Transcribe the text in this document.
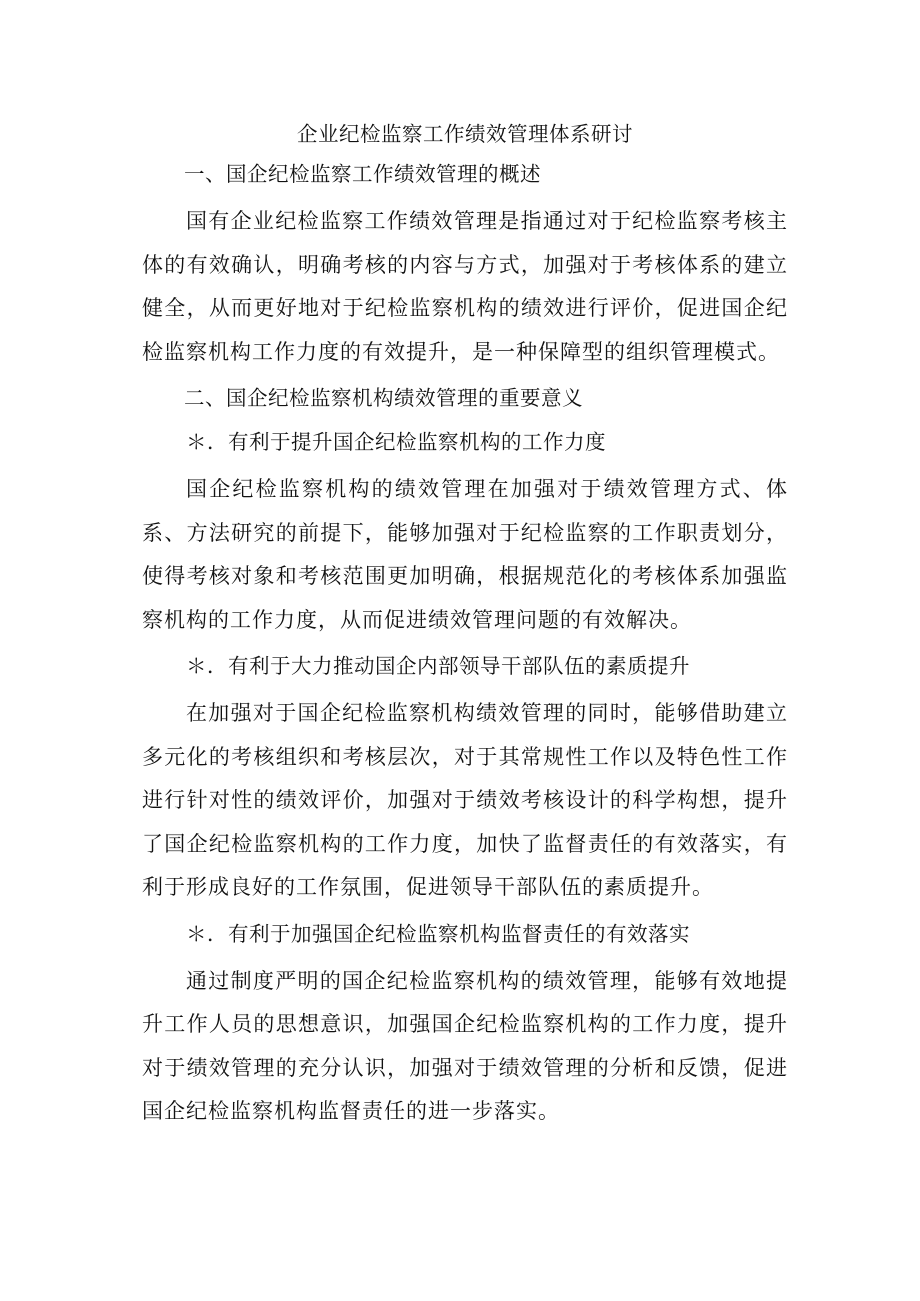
企业纪检监察工作绩效管理体系研讨
一、国企纪检监察工作绩效管理的概述

国有企业纪检监察工作绩效管理是指通过对于纪检监察考核主体的有效确认，明确考核的内容与方式，加强对于考核体系的建立健全，从而更好地对于纪检监察机构的绩效进行评价，促进国企纪检监察机构工作力度的有效提升，是一种保障型的组织管理模式。

二、国企纪检监察机构绩效管理的重要意义
＊．有利于提升国企纪检监察机构的工作力度

国企纪检监察机构的绩效管理在加强对于绩效管理方式、体系、方法研究的前提下，能够加强对于纪检监察的工作职责划分，使得考核对象和考核范围更加明确，根据规范化的考核体系加强监察机构的工作力度，从而促进绩效管理问题的有效解决。

＊．有利于大力推动国企内部领导干部队伍的素质提升

在加强对于国企纪检监察机构绩效管理的同时，能够借助建立多元化的考核组织和考核层次，对于其常规性工作以及特色性工作进行针对性的绩效评价，加强对于绩效考核设计的科学构想，提升了国企纪检监察机构的工作力度，加快了监督责任的有效落实，有利于形成良好的工作氛围，促进领导干部队伍的素质提升。

＊．有利于加强国企纪检监察机构监督责任的有效落实

通过制度严明的国企纪检监察机构的绩效管理，能够有效地提升工作人员的思想意识，加强国企纪检监察机构的工作力度，提升对于绩效管理的充分认识，加强对于绩效管理的分析和反馈，促进国企纪检监察机构监督责任的进一步落实。
